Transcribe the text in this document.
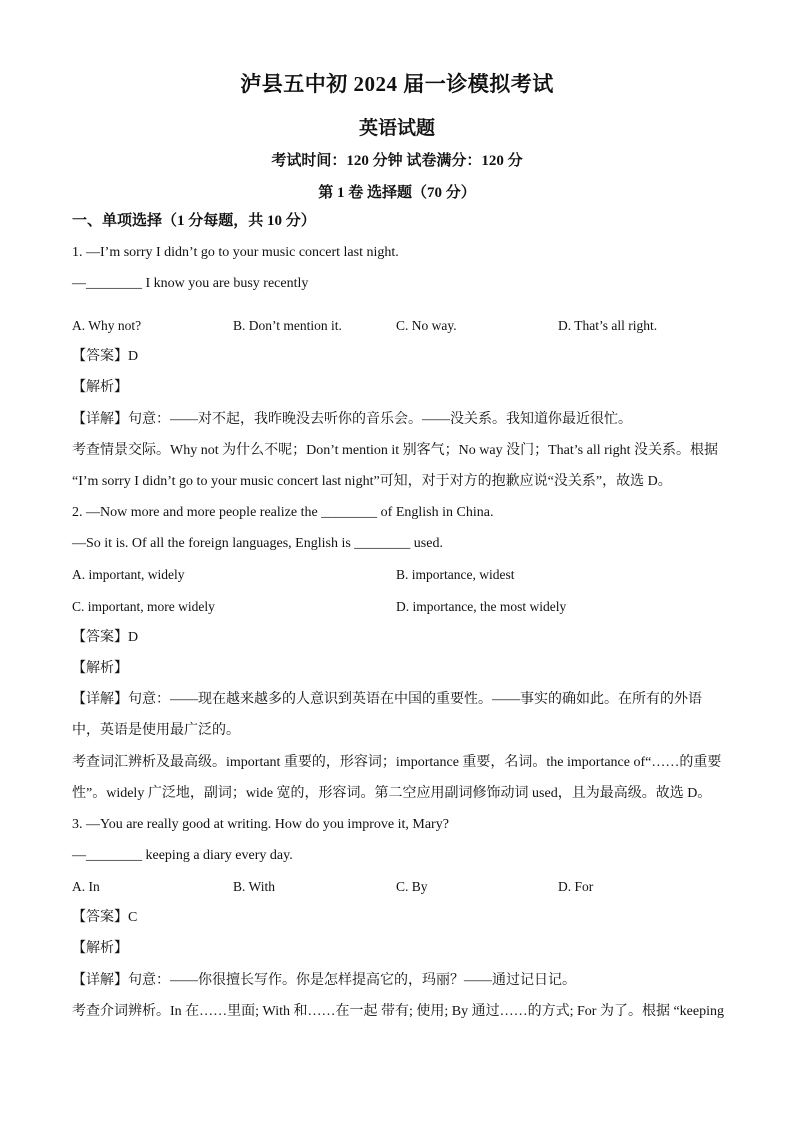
泸县五中初 2024 届一诊模拟考试
英语试题
考试时间：120 分钟 试卷满分：120 分
第 1 卷 选择题（70 分）
一、单项选择（1 分每题，共 10 分）
1. —I’m sorry I didn’t go to your music concert last night.
—________ I know you are busy recently
A. Why not?	B. Don’t mention it.	C. No way.	D. That’s all right.
【答案】D
【解析】
【详解】句意：——对不起，我昨晚没去听你的音乐会。——没关系。我知道你最近很忙。
考查情景交际。Why not 为什么不呢；Don’t mention it 别客气；No way 没门；That’s all right 没关系。根据
“I’m sorry I didn’t go to your music concert last night”可知，对于对方的抱歉应说“没关系”，故选 D。
2. —Now more and more people realize the ________ of English in China.
—So it is. Of all the foreign languages, English is ________ used.
A. important, widely	B. importance, widest
C. important, more widely	D. importance, the most widely
【答案】D
【解析】
【详解】句意：——现在越来越多的人意识到英语在中国的重要性。——事实的确如此。在所有的外语
中，英语是使用最广泛的。
考查词汇辨析及最高级。important 重要的，形容词；importance 重要，名词。the importance of“……的重要
性”。widely 广泛地，副词；wide 宽的，形容词。第二空应用副词修饰动词 used，且为最高级。故选 D。
3. —You are really good at writing. How do you improve it, Mary?
—________ keeping a diary every day.
A. In	B. With	C. By	D. For
【答案】C
【解析】
【详解】句意：——你很擅长写作。你是怎样提高它的，玛丽？——通过记日记。
考查介词辨析。In 在……里面; With 和……在一起 带有; 使用; By 通过……的方式; For 为了。根据 “keeping
